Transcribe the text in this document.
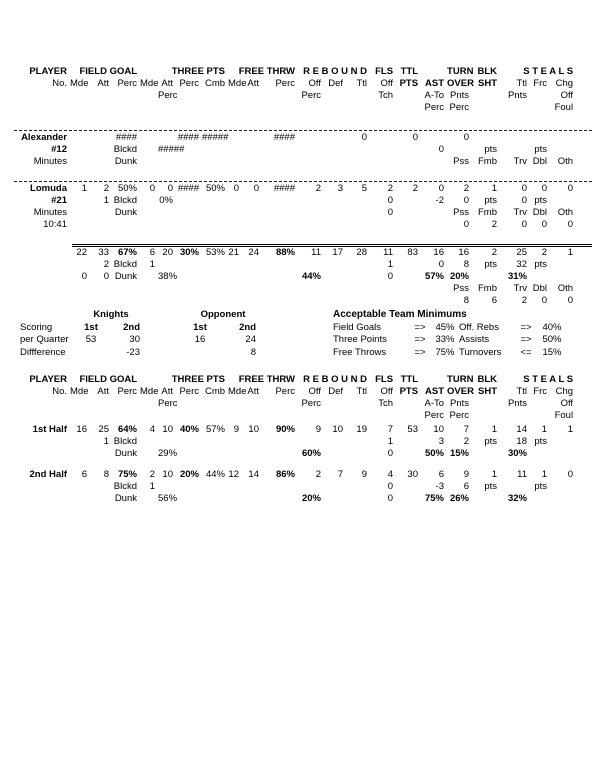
PLAYER	FIELD GOAL			THREE PTS				FREE THRW			R E B O U N D			FLS	TTL		TURN	BLK	S T E A L S		
No.	Mde	Att	Perc	Mde	Att	Perc	Cmb	Mde	Att	Perc	Off	Def	Ttl	Off	PTS	AST	OVER	SHT	Ttl	Frc	Chg
					Perc						Perc			Tch		A-To	Pnts		Pnts		Off
																Perc	Perc				Foul
Alexander			####			####	#####			####			0		0		0				
#12			Blckd		#####											0		pts		pts	
Minutes			Dunk														Pss	Fmb	Trv	Dbl	Oth
Lomuda	1	2	50%	0	0	####	50%	0	0	####	2	3	5	2	2	0	2	1	0	0	0
#21		1	Blckd		0%									0		-2	0	pts	0	pts	
Minutes			Dunk											0			Pss	Fmb	Trv	Dbl	Oth
10:41																	0	2	0	0	0
	22	33	67%	6	20	30%	53%	21	24	88%	11	17	28	11	83	16	16	2	25	2	1
		2	Blckd	1										1		0	8	pts	32	pts	
	0	0	Dunk		38%						44%			0		57%	20%		31%		
																	Pss	Fmb	Trv	Dbl	Oth
																	8	6	2	0	0
	Knights			Opponent	
Scoring	1st	2nd		1st	2nd
per Quarter	53	30		16	24
Diffference		-23			8
Acceptable Team Minimums					
Field Goals	=>	45%	Off. Rebs	=>	40%
Three Points	=>	33%	Assists	=>	50%
Free Throws	=>	75%	Turnovers	<=	15%
PLAYER	FIELD GOAL			THREE PTS				FREE THRW			R E B O U N D			FLS	TTL		TURN	BLK	S T E A L S		
No.	Mde	Att	Perc	Mde	Att	Perc	Cmb	Mde	Att	Perc	Off	Def	Ttl	Off	PTS	AST	OVER	SHT	Ttl	Frc	Chg
					Perc						Perc			Tch		A-To	Pnts		Pnts		Off
																Perc	Perc				Foul
1st Half	16	25	64%	4	10	40%	57%	9	10	90%	9	10	19	7	53	10	7	1	14	1	1
		1	Blckd											1		3	2	pts	18	pts	
			Dunk		29%						60%			0		50%	15%		30%		
2nd Half	6	8	75%	2	10	20%	44%	12	14	86%	2	7	9	4	30	6	9	1	11	1	0
			Blckd	1										0		-3	6	pts		pts	
			Dunk		56%						20%			0		75%	26%		32%		
